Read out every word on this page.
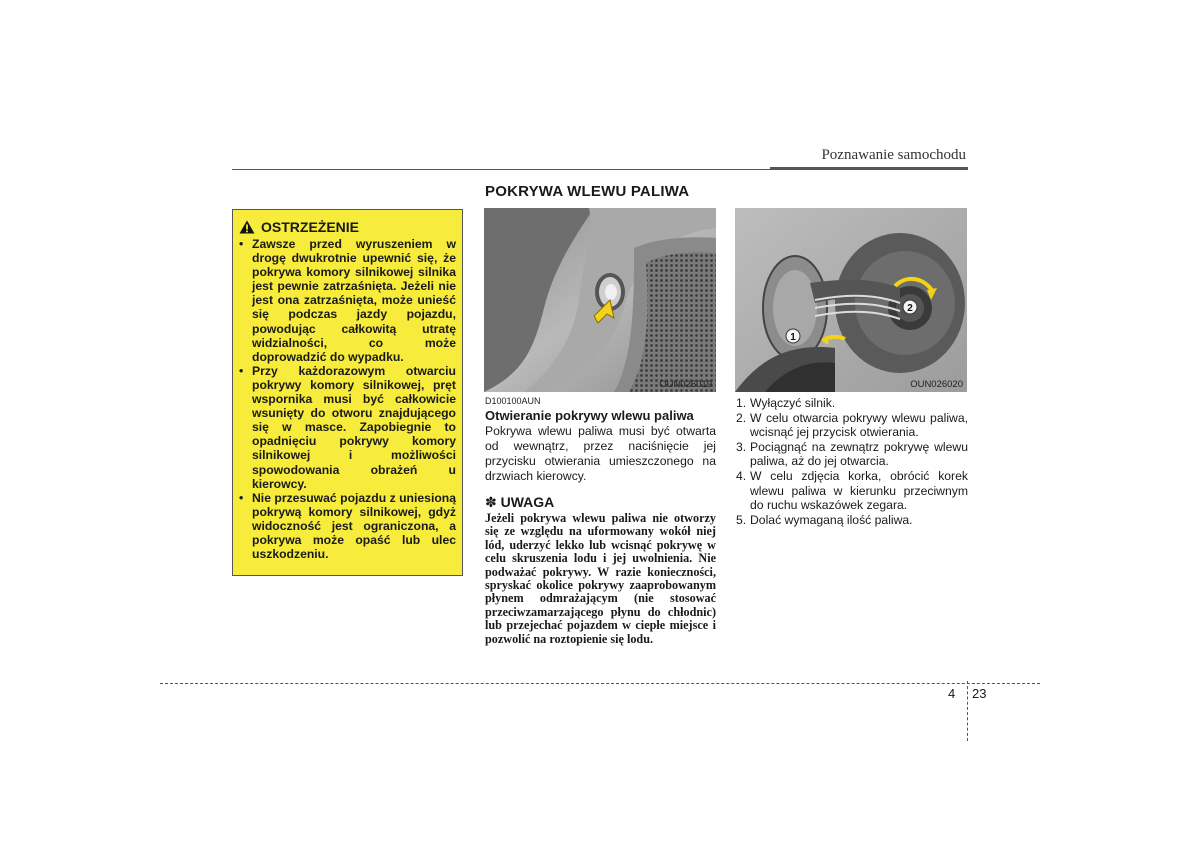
Poznawanie samochodu
POKRYWA WLEWU PALIWA
OSTRZEŻENIE
• Zawsze przed wyruszeniem w drogę dwukrotnie upewnić się, że pokrywa komory silnikowej silnika jest pewnie zatrzaśnięta. Jeżeli nie jest ona zatrzaśnięta, może unieść się podczas jazdy pojazdu, powodując całkowitą utratę widzialności, co może doprowadzić do wypadku.
• Przy każdorazowym otwarciu pokrywy komory silnikowej, pręt wspornika musi być całkowicie wsunięty do otworu znajdującego się w masce. Zapobiegnie to opadnięciu pokrywy komory silnikowej i możliwości spowodowania obrażeń u kierowcy.
• Nie przesuwać pojazdu z uniesioną pokrywą komory silnikowej, gdyż widoczność jest ograniczona, a pokrywa może opaść lub ulec uszkodzeniu.
OUN026019
1
2
OUN026020
D100100AUN
Otwieranie pokrywy wlewu paliwa
Pokrywa wlewu paliwa musi być otwarta od wewnątrz, przez naciśnięcie jej przycisku otwierania umieszczonego na drzwiach kierowcy.
✽ UWAGA
Jeżeli pokrywa wlewu paliwa nie otworzy się ze względu na uformowany wokół niej lód, uderzyć lekko lub wcisnąć pokrywę w celu skruszenia lodu i jej uwolnienia. Nie podważać pokrywy. W razie konieczności, spryskać okolice pokrywy zaaprobowanym płynem odmrażającym (nie stosować przeciwzamarzającego płynu do chłodnic) lub przejechać pojazdem w ciepłe miejsce i pozwolić na roztopienie się lodu.
1. Wyłączyć silnik.
2. W celu otwarcia pokrywy wlewu paliwa, wcisnąć jej przycisk otwierania.
3. Pociągnąć na zewnątrz pokrywę wlewu paliwa, aż do jej otwarcia.
4. W celu zdjęcia korka, obrócić korek wlewu paliwa w kierunku przeciwnym do ruchu wskazówek zegara.
5. Dolać wymaganą ilość paliwa.
4 23
